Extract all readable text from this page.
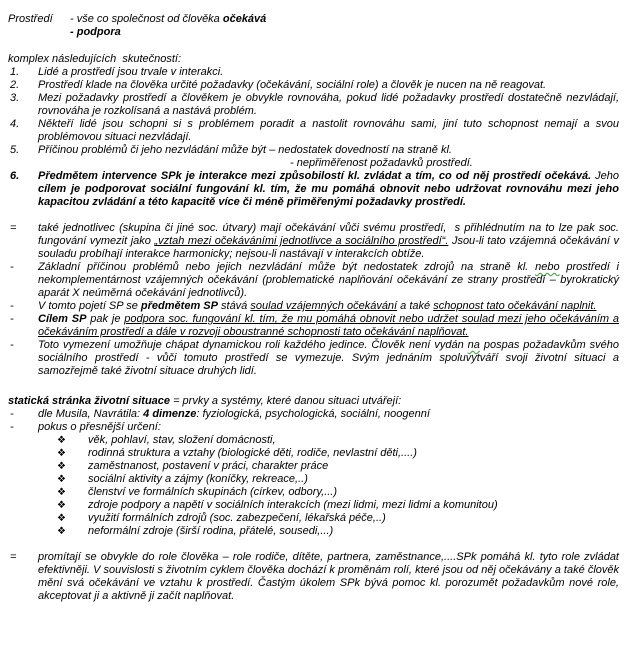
Prostředí	- vše co společnost od člověka očekává
- podpora

komplex následujících  skutečností:

1.	Lidé a prostředí jsou trvale v interakci.
2.	Prostředí klade na člověka určité požadavky (očekávání, sociální role) a člověk je nucen na ně reagovat.
3.	Mezi požadavky prostředí a člověkem je obvykle rovnováha, pokud lidé požadavky prostředí dostatečně nezvládají, rovnováha je rozkolísaná a nastává problém.
4.	Někteří lidé jsou schopni si s problémem poradit a nastolit rovnováhu sami, jiní tuto schopnost nemají a svou problémovou situaci nezvládají.
5.	Příčinou problémů či jeho nezvládání může být – nedostatek dovedností na straně kl.
- nepřiměřenost požadavků prostředí.
6.	Předmětem intervence SPk je interakce mezi způsobilostí kl. zvládat a tím, co od něj prostředí očekává. Jeho cílem je podporovat sociální fungování kl. tím, že mu pomáhá obnovit nebo udržovat rovnováhu mezi jeho kapacitou zvládání a této kapacitě více či méně přiměřenými požadavky prostředí.
=	také jednotlivec (skupina či jiné soc. útvary) mají očekávání vůči svému prostředí,  s přihlédnutím na to lze pak soc. fungování vymezit jako „vztah mezi očekáváními jednotlivce a sociálního prostředí“. Jsou-li tato vzájemná očekávání v souladu probíhají interakce harmonicky; nejsou-li nastávají v interakcích obtíže.
-	Základní příčinou problémů nebo jejich nezvládání může být nedostatek zdrojů na straně kl. nebo prostředí i nekomplementárnost vzájemných očekávání (problematické naplňování očekávání ze strany prostředí – byrokratický aparát X neúměrná očekávání jednotlivců).
-	V tomto pojetí SP se předmětem SP stává soulad vzájemných očekávání a také schopnost tato očekávání naplnit.
-	Cílem SP pak je podpora soc. fungování kl. tím, že mu pomáhá obnovit nebo udržet soulad mezi jeho očekáváním a očekáváním prostředí a dále v rozvoji oboustranné schopnosti tato očekávání naplňovat.
-	Toto vymezení umožňuje chápat dynamickou roli každého jedince. Člověk není vydán na pospas požadavkům svého sociálního prostředí - vůči tomuto prostředí se vymezuje. Svým jednáním spoluvytváří svoji životní situaci a samozřejmě také životní situace druhých lidí.

statická stránka životní situace = prvky a systémy, které danou situaci utvářejí:

-	dle Musila, Navrátila: 4 dimenze: fyziologická, psychologická, sociální, noogenní
-	pokus o přesnější určení:
❖	věk, pohlaví, stav, složení domácnosti,
❖	rodinná struktura a vztahy (biologické děti, rodiče, nevlastní děti,....)
❖	zaměstnanost, postavení v práci, charakter práce
❖	sociální aktivity a zájmy (koníčky, rekreace,..)
❖	členství ve formálních skupinách (církev, odbory,...)
❖	zdroje podpory a napětí v sociálních interakcích (mezi lidmi, mezi lidmi a komunitou)
❖	využití formálních zdrojů (soc. zabezpečení, lékařská péče,..)
❖	neformální zdroje (širší rodina, přátelé, sousedi,...)
=	promítají se obvykle do role člověka – role rodiče, dítěte, partnera, zaměstnance,....SPk pomáhá kl. tyto role zvládat efektivněji. V souvislosti s životním cyklem člověka dochází k proměnám rolí, které jsou od něj očekávány a také člověk mění svá očekávání ve vztahu k prostředí. Častým úkolem SPk bývá pomoc kl. porozumět požadavkům nové role, akceptovat ji a aktivně ji začít naplňovat.
